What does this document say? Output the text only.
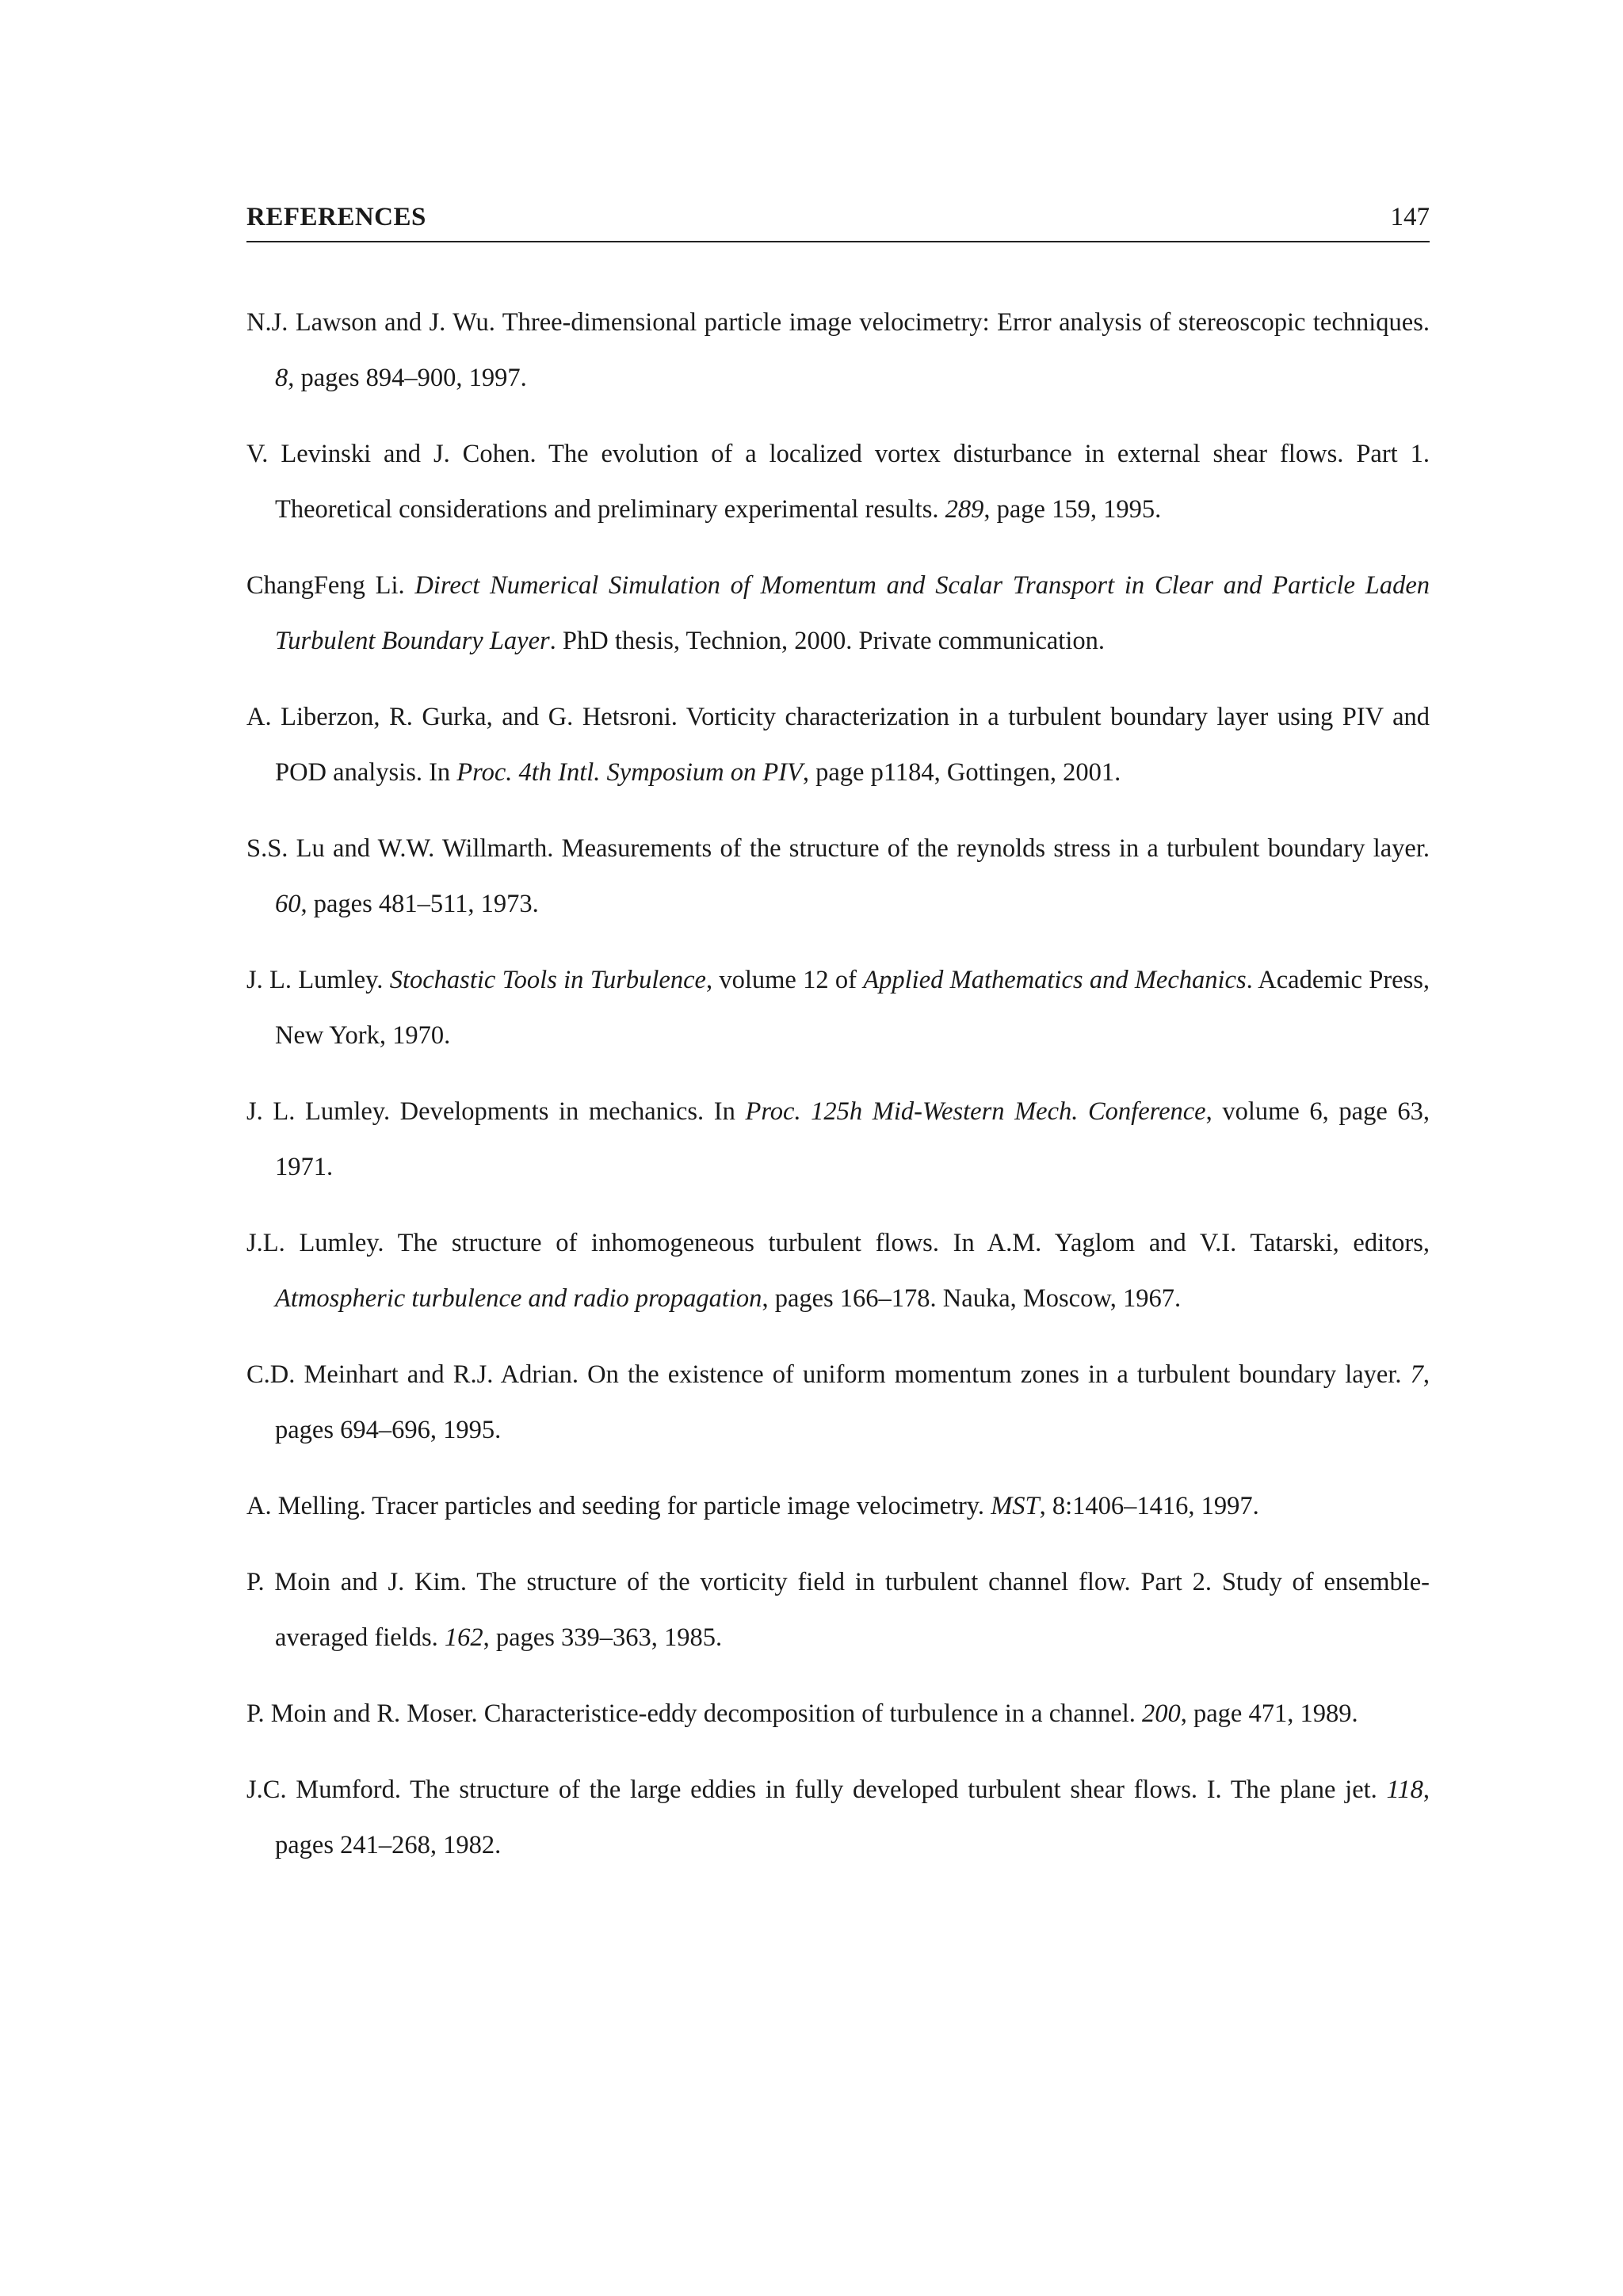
REFERENCES	147

N.J. Lawson and J. Wu. Three-dimensional particle image velocimetry: Error analysis of stereoscopic techniques. 8, pages 894–900, 1997.

V. Levinski and J. Cohen. The evolution of a localized vortex disturbance in external shear flows. Part 1. Theoretical considerations and preliminary experimental results. 289, page 159, 1995.

ChangFeng Li. Direct Numerical Simulation of Momentum and Scalar Transport in Clear and Particle Laden Turbulent Boundary Layer. PhD thesis, Technion, 2000. Private communication.

A. Liberzon, R. Gurka, and G. Hetsroni. Vorticity characterization in a turbulent boundary layer using PIV and POD analysis. In Proc. 4th Intl. Symposium on PIV, page p1184, Gottingen, 2001.

S.S. Lu and W.W. Willmarth. Measurements of the structure of the reynolds stress in a turbulent boundary layer. 60, pages 481–511, 1973.

J. L. Lumley. Stochastic Tools in Turbulence, volume 12 of Applied Mathematics and Mechanics. Academic Press, New York, 1970.

J. L. Lumley. Developments in mechanics. In Proc. 125h Mid-Western Mech. Conference, volume 6, page 63, 1971.

J.L. Lumley. The structure of inhomogeneous turbulent flows. In A.M. Yaglom and V.I. Tatarski, editors, Atmospheric turbulence and radio propagation, pages 166–178. Nauka, Moscow, 1967.

C.D. Meinhart and R.J. Adrian. On the existence of uniform momentum zones in a turbulent boundary layer. 7, pages 694–696, 1995.

A. Melling. Tracer particles and seeding for particle image velocimetry. MST, 8:1406–1416, 1997.

P. Moin and J. Kim. The structure of the vorticity field in turbulent channel flow. Part 2. Study of ensemble-averaged fields. 162, pages 339–363, 1985.

P. Moin and R. Moser. Characteristice-eddy decomposition of turbulence in a channel. 200, page 471, 1989.

J.C. Mumford. The structure of the large eddies in fully developed turbulent shear flows. I. The plane jet. 118, pages 241–268, 1982.
